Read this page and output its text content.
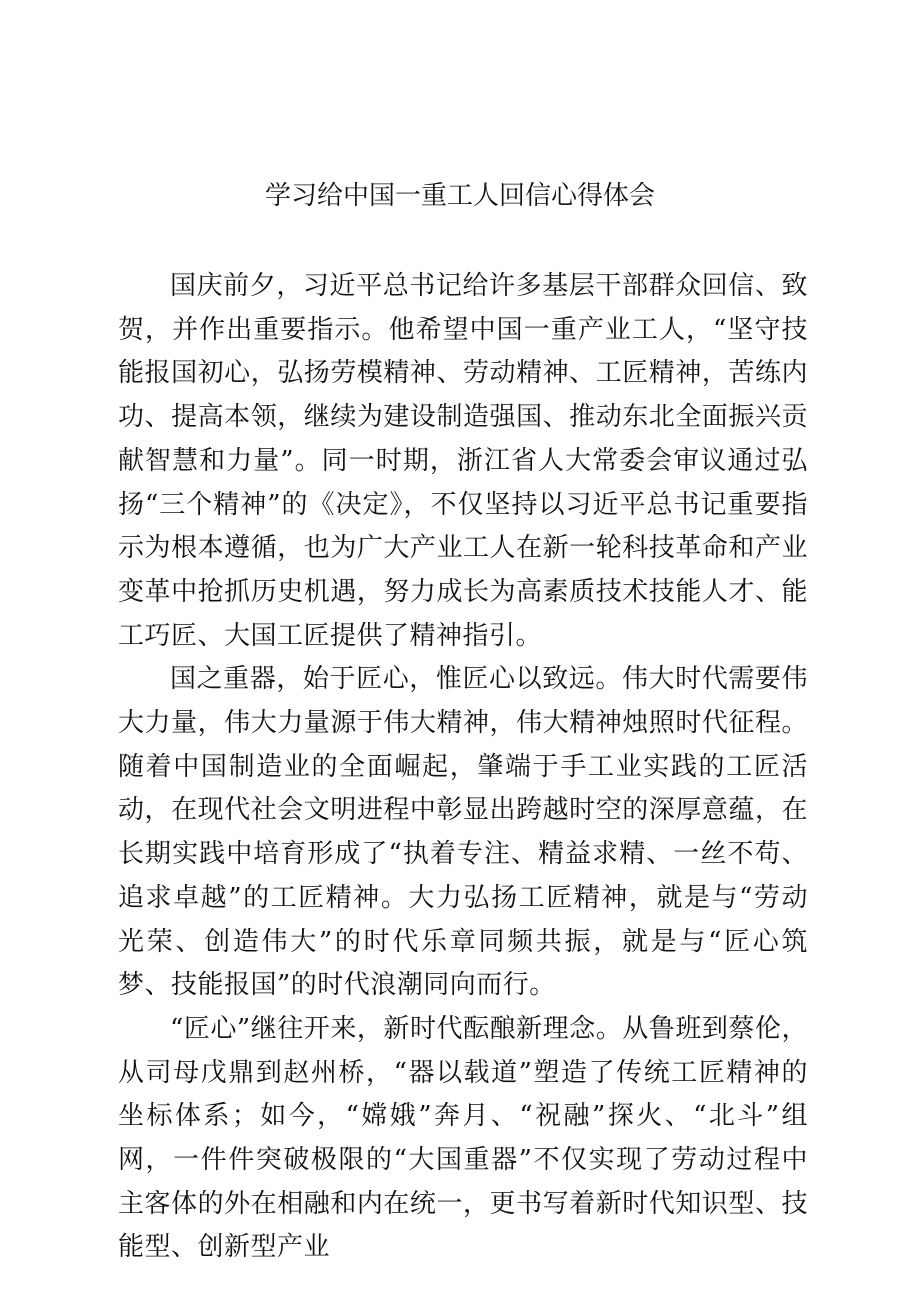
学习给中国一重工人回信心得体会

国庆前夕，习近平总书记给许多基层干部群众回信、致贺，并作出重要指示。他希望中国一重产业工人，“坚守技能报国初心，弘扬劳模精神、劳动精神、工匠精神，苦练内功、提高本领，继续为建设制造强国、推动东北全面振兴贡献智慧和力量”。同一时期，浙江省人大常委会审议通过弘扬“三个精神”的《决定》，不仅坚持以习近平总书记重要指示为根本遵循，也为广大产业工人在新一轮科技革命和产业变革中抢抓历史机遇，努力成长为高素质技术技能人才、能工巧匠、大国工匠提供了精神指引。

国之重器，始于匠心，惟匠心以致远。伟大时代需要伟大力量，伟大力量源于伟大精神，伟大精神烛照时代征程。随着中国制造业的全面崛起，肇端于手工业实践的工匠活动，在现代社会文明进程中彰显出跨越时空的深厚意蕴，在长期实践中培育形成了“执着专注、精益求精、一丝不苟、追求卓越”的工匠精神。大力弘扬工匠精神，就是与“劳动光荣、创造伟大”的时代乐章同频共振，就是与“匠心筑梦、技能报国”的时代浪潮同向而行。

“匠心”继往开来，新时代酝酿新理念。从鲁班到蔡伦，从司母戊鼎到赵州桥，“器以载道”塑造了传统工匠精神的坐标体系；如今，“嫦娥”奔月、“祝融”探火、“北斗”组网，一件件突破极限的“大国重器”不仅实现了劳动过程中主客体的外在相融和内在统一，更书写着新时代知识型、技能型、创新型产业
